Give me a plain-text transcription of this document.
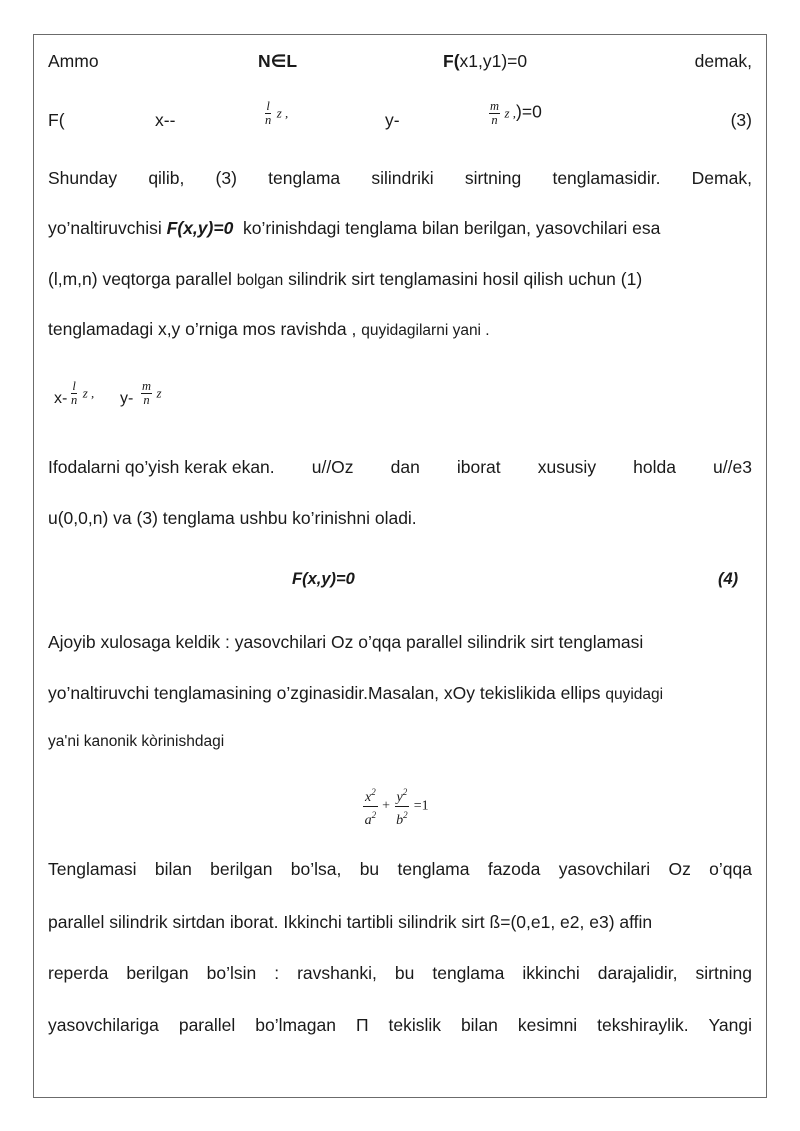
Ammo	N∈L	F(x1,y1)=0	demak,
F(	x--	$\frac{l}{n}$ z ,	y-	$\frac{m}{n}$ z ,)=0	(3)
Shunday qilib, (3) tenglama silindriki sirtning tenglamasidir. Demak,
yo’naltiruvchisi F(x,y)=0 ko’rinishdagi tenglama bilan berilgan, yasovchilari esa
(l,m,n) veqtorga parallel bolgan silindrik sirt tenglamasini hosil qilish uchun (1)
tenglamadagi x,y o’rniga mos ravishda , quyidagilarni yani .
$x- \frac{l}{n}$ z , $y- \frac{m}{n}$ z
Ifodalarni qo’yish kerak ekan. u//Oz dan iborat xususiy holda u//e3
u(0,0,n) va (3) tenglama ushbu ko’rinishni oladi.
F(x,y)=0	(4)
Ajoyib xulosaga keldik : yasovchilari Oz o’qqa parallel silindrik sirt tenglamasi
yo’naltiruvchi tenglamasining o’zginasidir.Masalan, xOy tekislikida ellips quyidagi
ya'ni kanonik kòrinishdagi
$\frac{x^2}{a^2} + \frac{y^2}{b^2} =1$
Tenglamasi bilan berilgan bo’lsa, bu tenglama fazoda yasovchilari Oz o’qqa
parallel silindrik sirtdan iborat. Ikkinchi tartibli silindrik sirt ß=(0,e1, e2, e3) affin
reperda berilgan bo’lsin : ravshanki, bu tenglama ikkinchi darajalidir, sirtning
yasovchilariga parallel bo’lmagan П tekislik bilan kesimni tekshiraylik. Yangi
